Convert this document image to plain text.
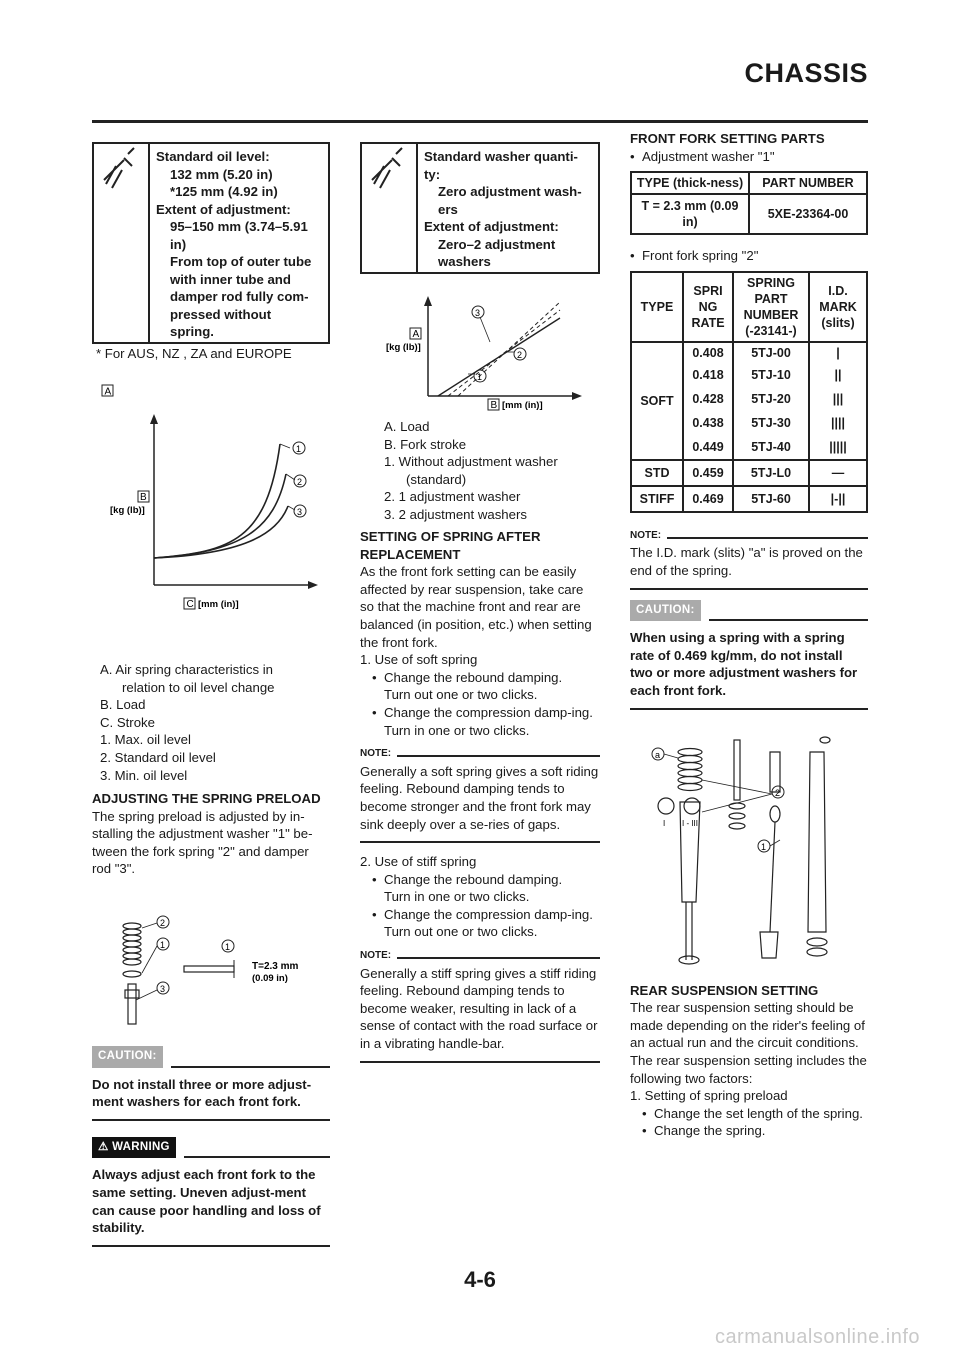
CHASSIS
Standard oil level:
132 mm (5.20 in)
*125 mm (4.92 in)
Extent of adjustment:
95–150 mm (3.74–5.91
in)
From top of outer tube
with inner tube and
damper rod fully com-
pressed without
spring.
* For AUS, NZ , ZA and EUROPE
A
1
2
3
B
[kg (lb)]
C [mm (in)]
A. Air spring characteristics in
relation to oil level change
B. Load
C. Stroke
1. Max. oil level
2. Standard oil level
3. Min. oil level
ADJUSTING THE SPRING PRELOAD
The spring preload is adjusted by in-stalling the adjustment washer "1" be-tween the fork spring "2" and damper rod "3".
2
1
3
1
T=2.3 mm
(0.09 in)
CAUTION:
Do not install three or more adjust-ment washers for each front fork.
⚠ WARNING
Always adjust each front fork to the same setting. Uneven adjust-ment can cause poor handling and loss of stability.
Standard washer quanti-
ty:
Zero adjustment wash-
ers
Extent of adjustment:
Zero–2 adjustment
washers
3
2
1
A
[kg (lb)]
B [mm (in)]
A. Load
B. Fork stroke
1. Without adjustment washer
(standard)
2. 1 adjustment washer
3. 2 adjustment washers
SETTING OF SPRING AFTER REPLACEMENT
As the front fork setting can be easily affected by rear suspension, take care so that the machine front and rear are balanced (in position, etc.) when setting the front fork.
1. Use of soft spring
• Change the rebound damping.
Turn out one or two clicks.
• Change the compression damp-ing.
Turn in one or two clicks.
NOTE:
Generally a soft spring gives a soft riding feeling. Rebound damping tends to become stronger and the front fork may sink deeply over a se-ries of gaps.
2. Use of stiff spring
• Change the rebound damping.
Turn in one or two clicks.
• Change the compression damp-ing.
Turn out one or two clicks.
NOTE:
Generally a stiff spring gives a stiff riding feeling. Rebound damping tends to become weaker, resulting in lack of a sense of contact with the road surface or in a vibrating handle-bar.
FRONT FORK SETTING PARTS
• Adjustment washer "1"
TYPE (thick-ness)	PART NUMBER
T = 2.3 mm (0.09 in)	5XE-23364-00
• Front fork spring "2"
TYPE	SPRI NG RATE	SPRING PART NUMBER (-23141-)	I.D. MARK (slits)
SOFT	0.408	5TJ-00	|
	0.418	5TJ-10	||
	0.428	5TJ-20	|||
	0.438	5TJ-30	||||
	0.449	5TJ-40	|||||
STD	0.459	5TJ-L0	—
STIFF	0.469	5TJ-60	|-||
NOTE:
The I.D. mark (slits) "a" is proved on the end of the spring.
CAUTION:
When using a spring with a spring rate of 0.469 kg/mm, do not install two or more adjustment washers for each front fork.
a
2
1
I I - III
REAR SUSPENSION SETTING
The rear suspension setting should be made depending on the rider's feeling of an actual run and the circuit conditions.
The rear suspension setting includes the following two factors:
1. Setting of spring preload
• Change the set length of the spring.
• Change the spring.
4-6
carmanualsonline.info
